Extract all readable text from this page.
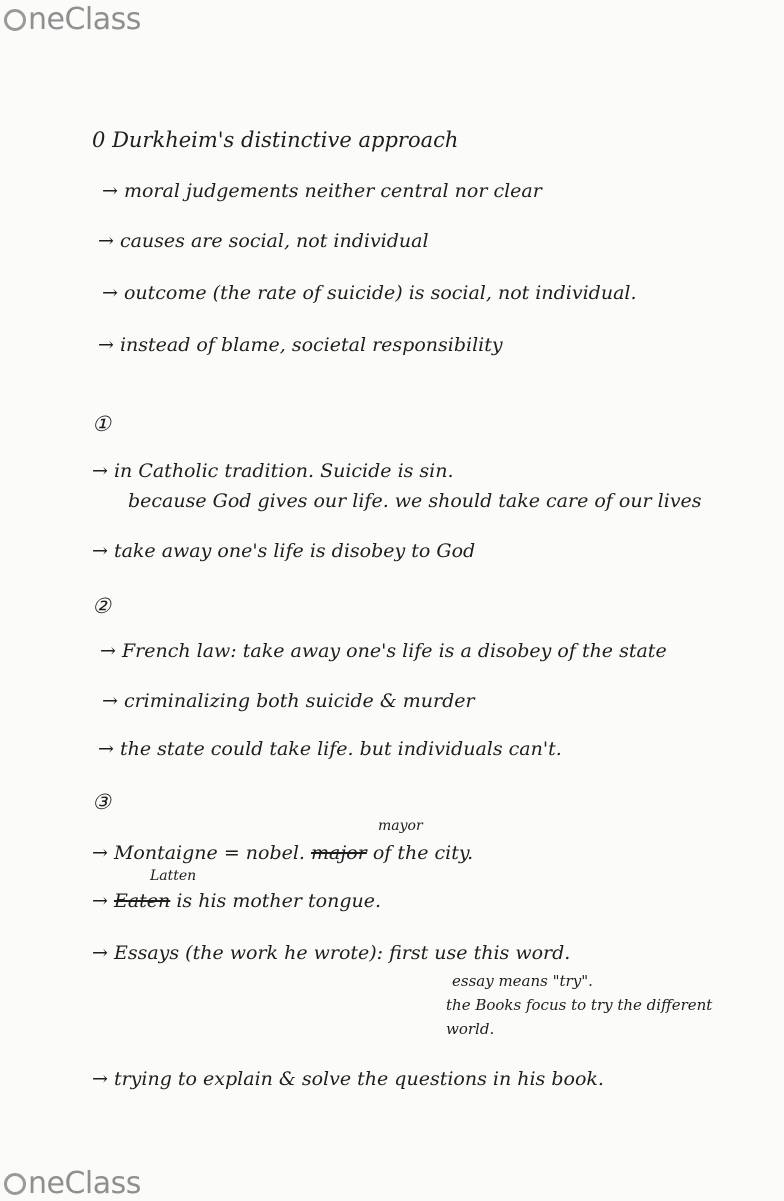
neClass
0 Durkheim's distinctive approach
→ moral judgements neither central nor clear
→ causes are social, not individual
→ outcome (the rate of suicide) is social, not individual.
→ instead of blame, societal responsibility
①
→ in Catholic tradition. Suicide is sin.
because God gives our life. we should take care of our lives
→ take away one's life is disobey to God
②
→ French law: take away one's life is a disobey of the state
→ criminalizing both suicide & murder
→ the state could take life. but individuals can't.
③
mayor
→ Montaigne = nobel. major of the city.
Latten
→ Eaten is his mother tongue.
→ Essays (the work he wrote): first use this word.
essay means "try".
the Books focus to try the different
world.
→ trying to explain & solve the questions in his book.
neClass
